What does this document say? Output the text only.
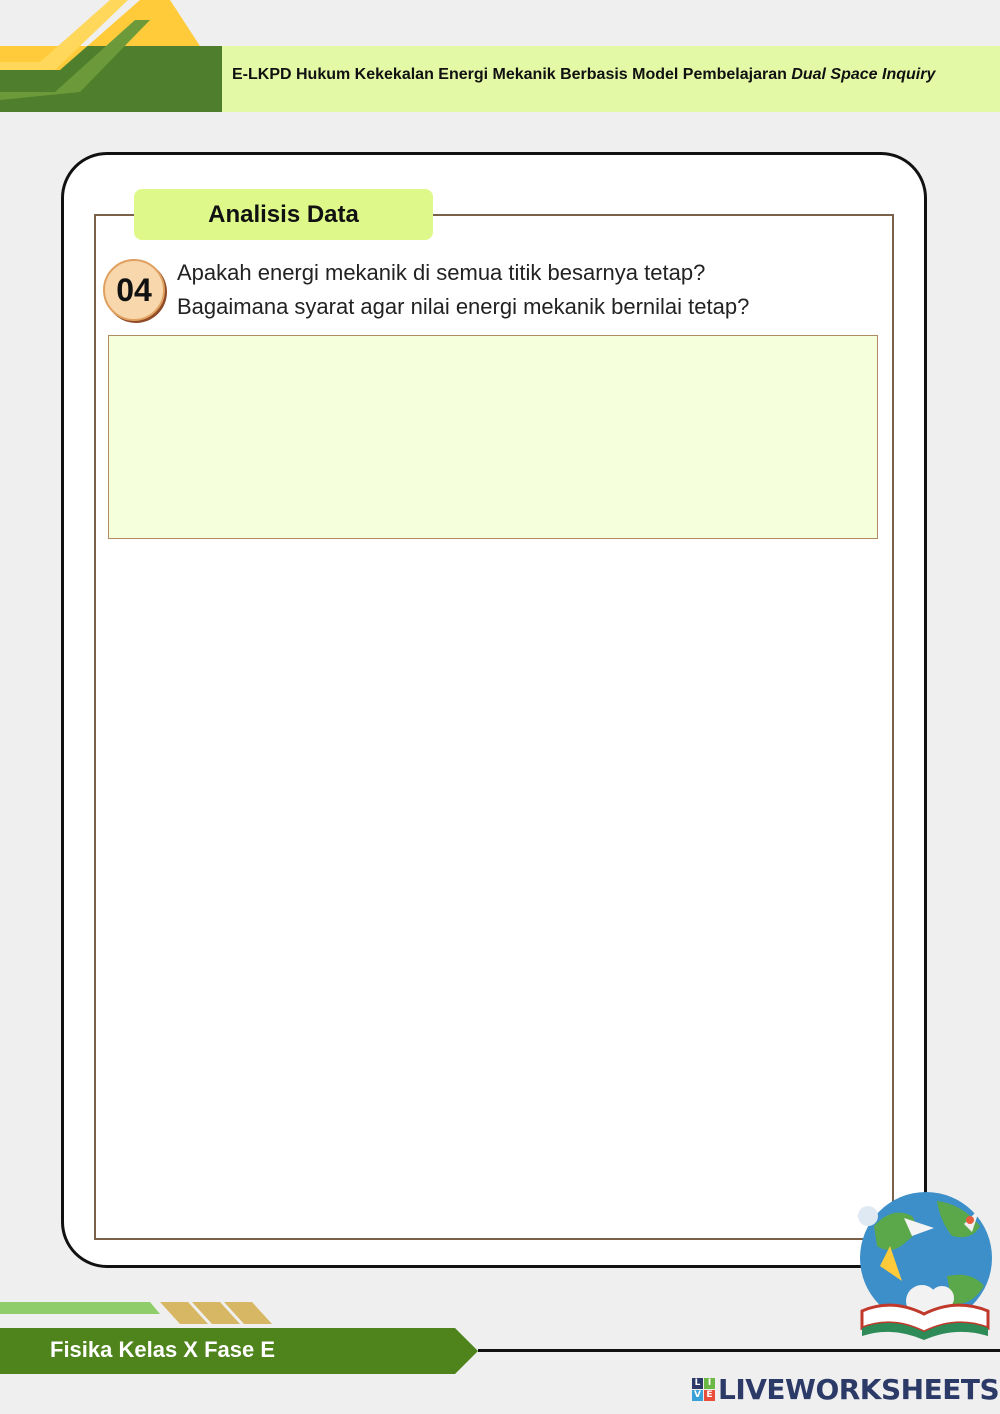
E-LKPD Hukum Kekekalan Energi Mekanik Berbasis Model Pembelajaran Dual Space Inquiry
Analisis Data
04	Apakah energi mekanik di semua titik besarnya tetap?
Bagaimana syarat agar nilai energi mekanik bernilai tetap?
Fisika Kelas X Fase E
L I
V E LIVEWORKSHEETS
